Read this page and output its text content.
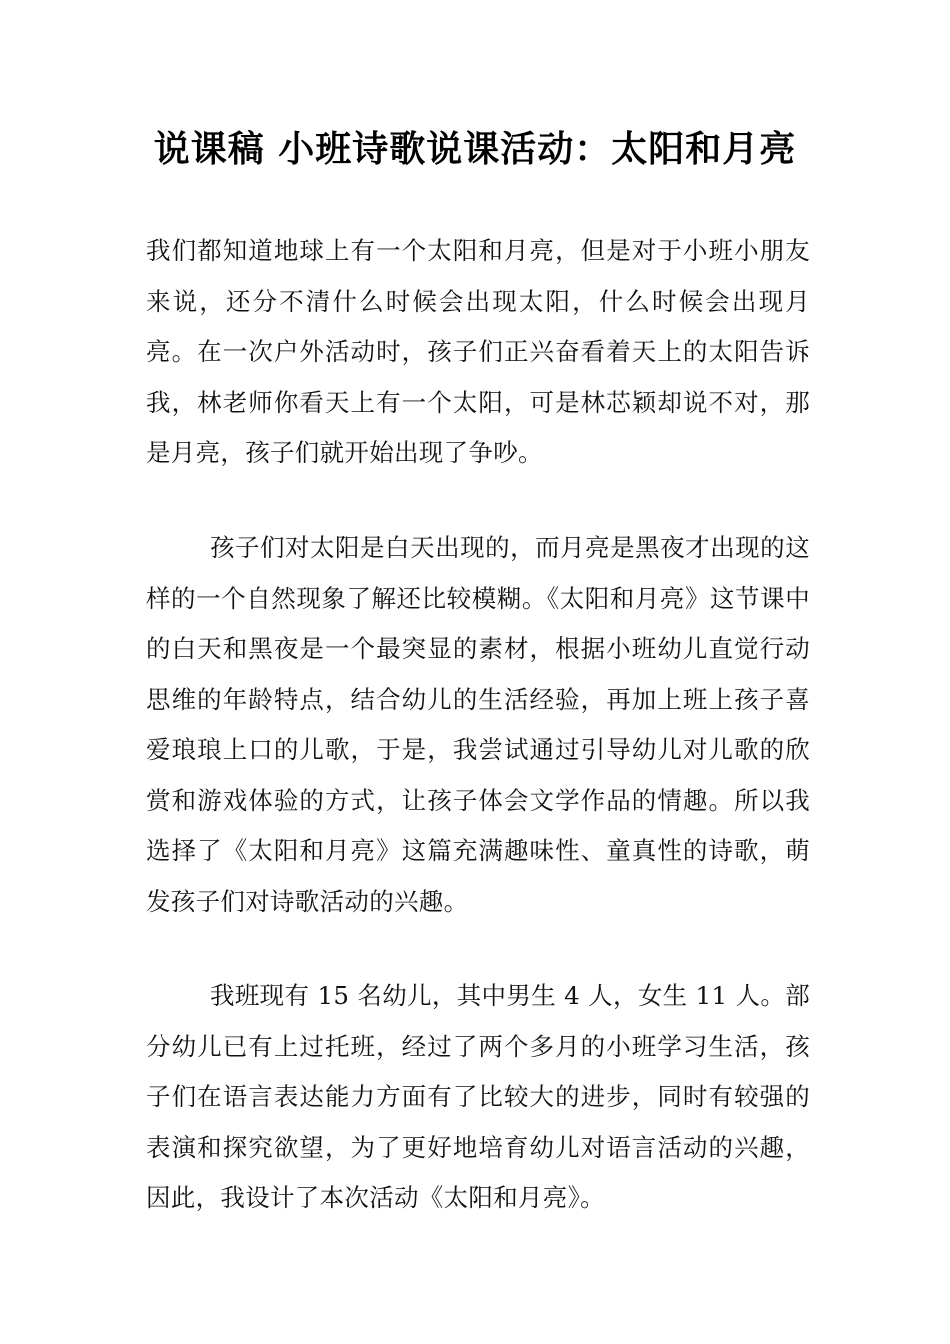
说课稿 小班诗歌说课活动：太阳和月亮

我们都知道地球上有一个太阳和月亮，但是对于小班小朋友来说，还分不清什么时候会出现太阳，什么时候会出现月亮。在一次户外活动时，孩子们正兴奋看着天上的太阳告诉我，林老师你看天上有一个太阳，可是林芯颖却说不对，那是月亮，孩子们就开始出现了争吵。

孩子们对太阳是白天出现的，而月亮是黑夜才出现的这样的一个自然现象了解还比较模糊。《太阳和月亮》这节课中的白天和黑夜是一个最突显的素材，根据小班幼儿直觉行动思维的年龄特点，结合幼儿的生活经验，再加上班上孩子喜爱琅琅上口的儿歌，于是，我尝试通过引导幼儿对儿歌的欣赏和游戏体验的方式，让孩子体会文学作品的情趣。所以我选择了《太阳和月亮》这篇充满趣味性、童真性的诗歌，萌发孩子们对诗歌活动的兴趣。

我班现有 15 名幼儿，其中男生 4 人，女生 11 人。部分幼儿已有上过托班，经过了两个多月的小班学习生活，孩子们在语言表达能力方面有了比较大的进步，同时有较强的表演和探究欲望，为了更好地培育幼儿对语言活动的兴趣，因此，我设计了本次活动《太阳和月亮》。
